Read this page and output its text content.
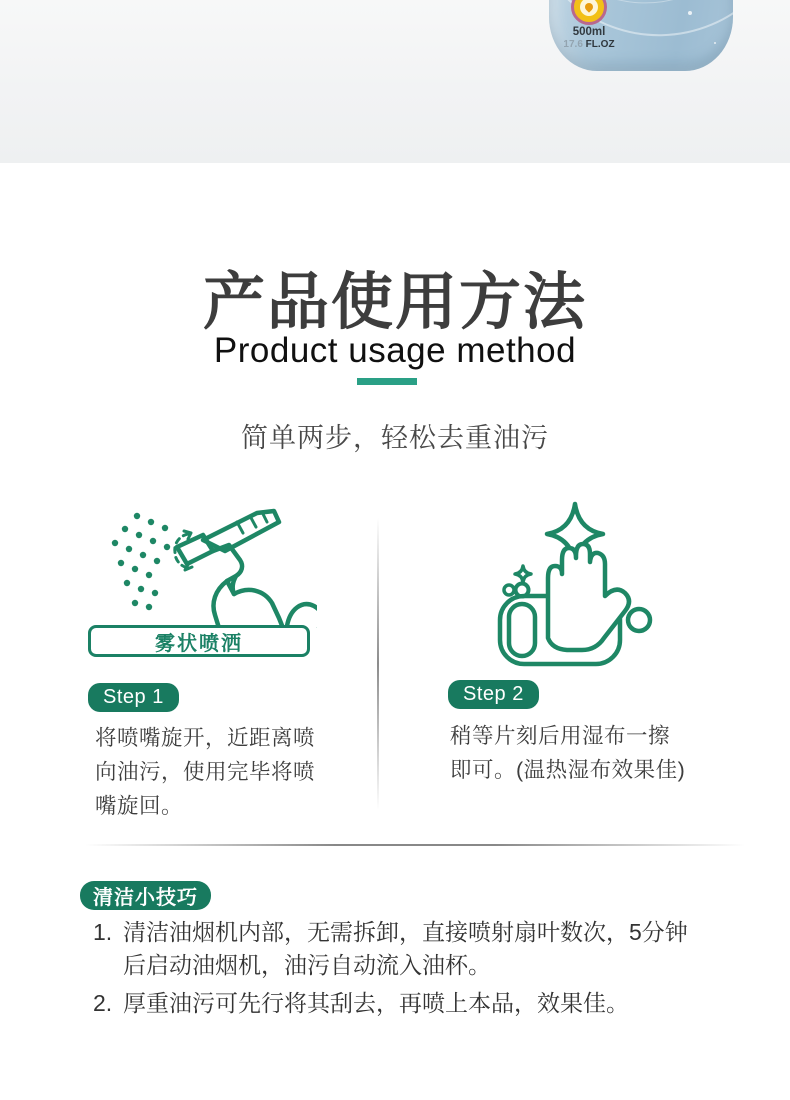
500ml
17.6 FL.OZ
产品使用方法
Product usage method
简单两步，轻松去重油污
雾状喷洒
Step 1
将喷嘴旋开，近距离喷向油污，使用完毕将喷嘴旋回。
Step 2
稍等片刻后用湿布一擦即可。(温热湿布效果佳)
清洁小技巧
1. 清洁油烟机内部，无需拆卸，直接喷射扇叶数次，5分钟后启动油烟机，油污自动流入油杯。
2. 厚重油污可先行将其刮去，再喷上本品，效果佳。
